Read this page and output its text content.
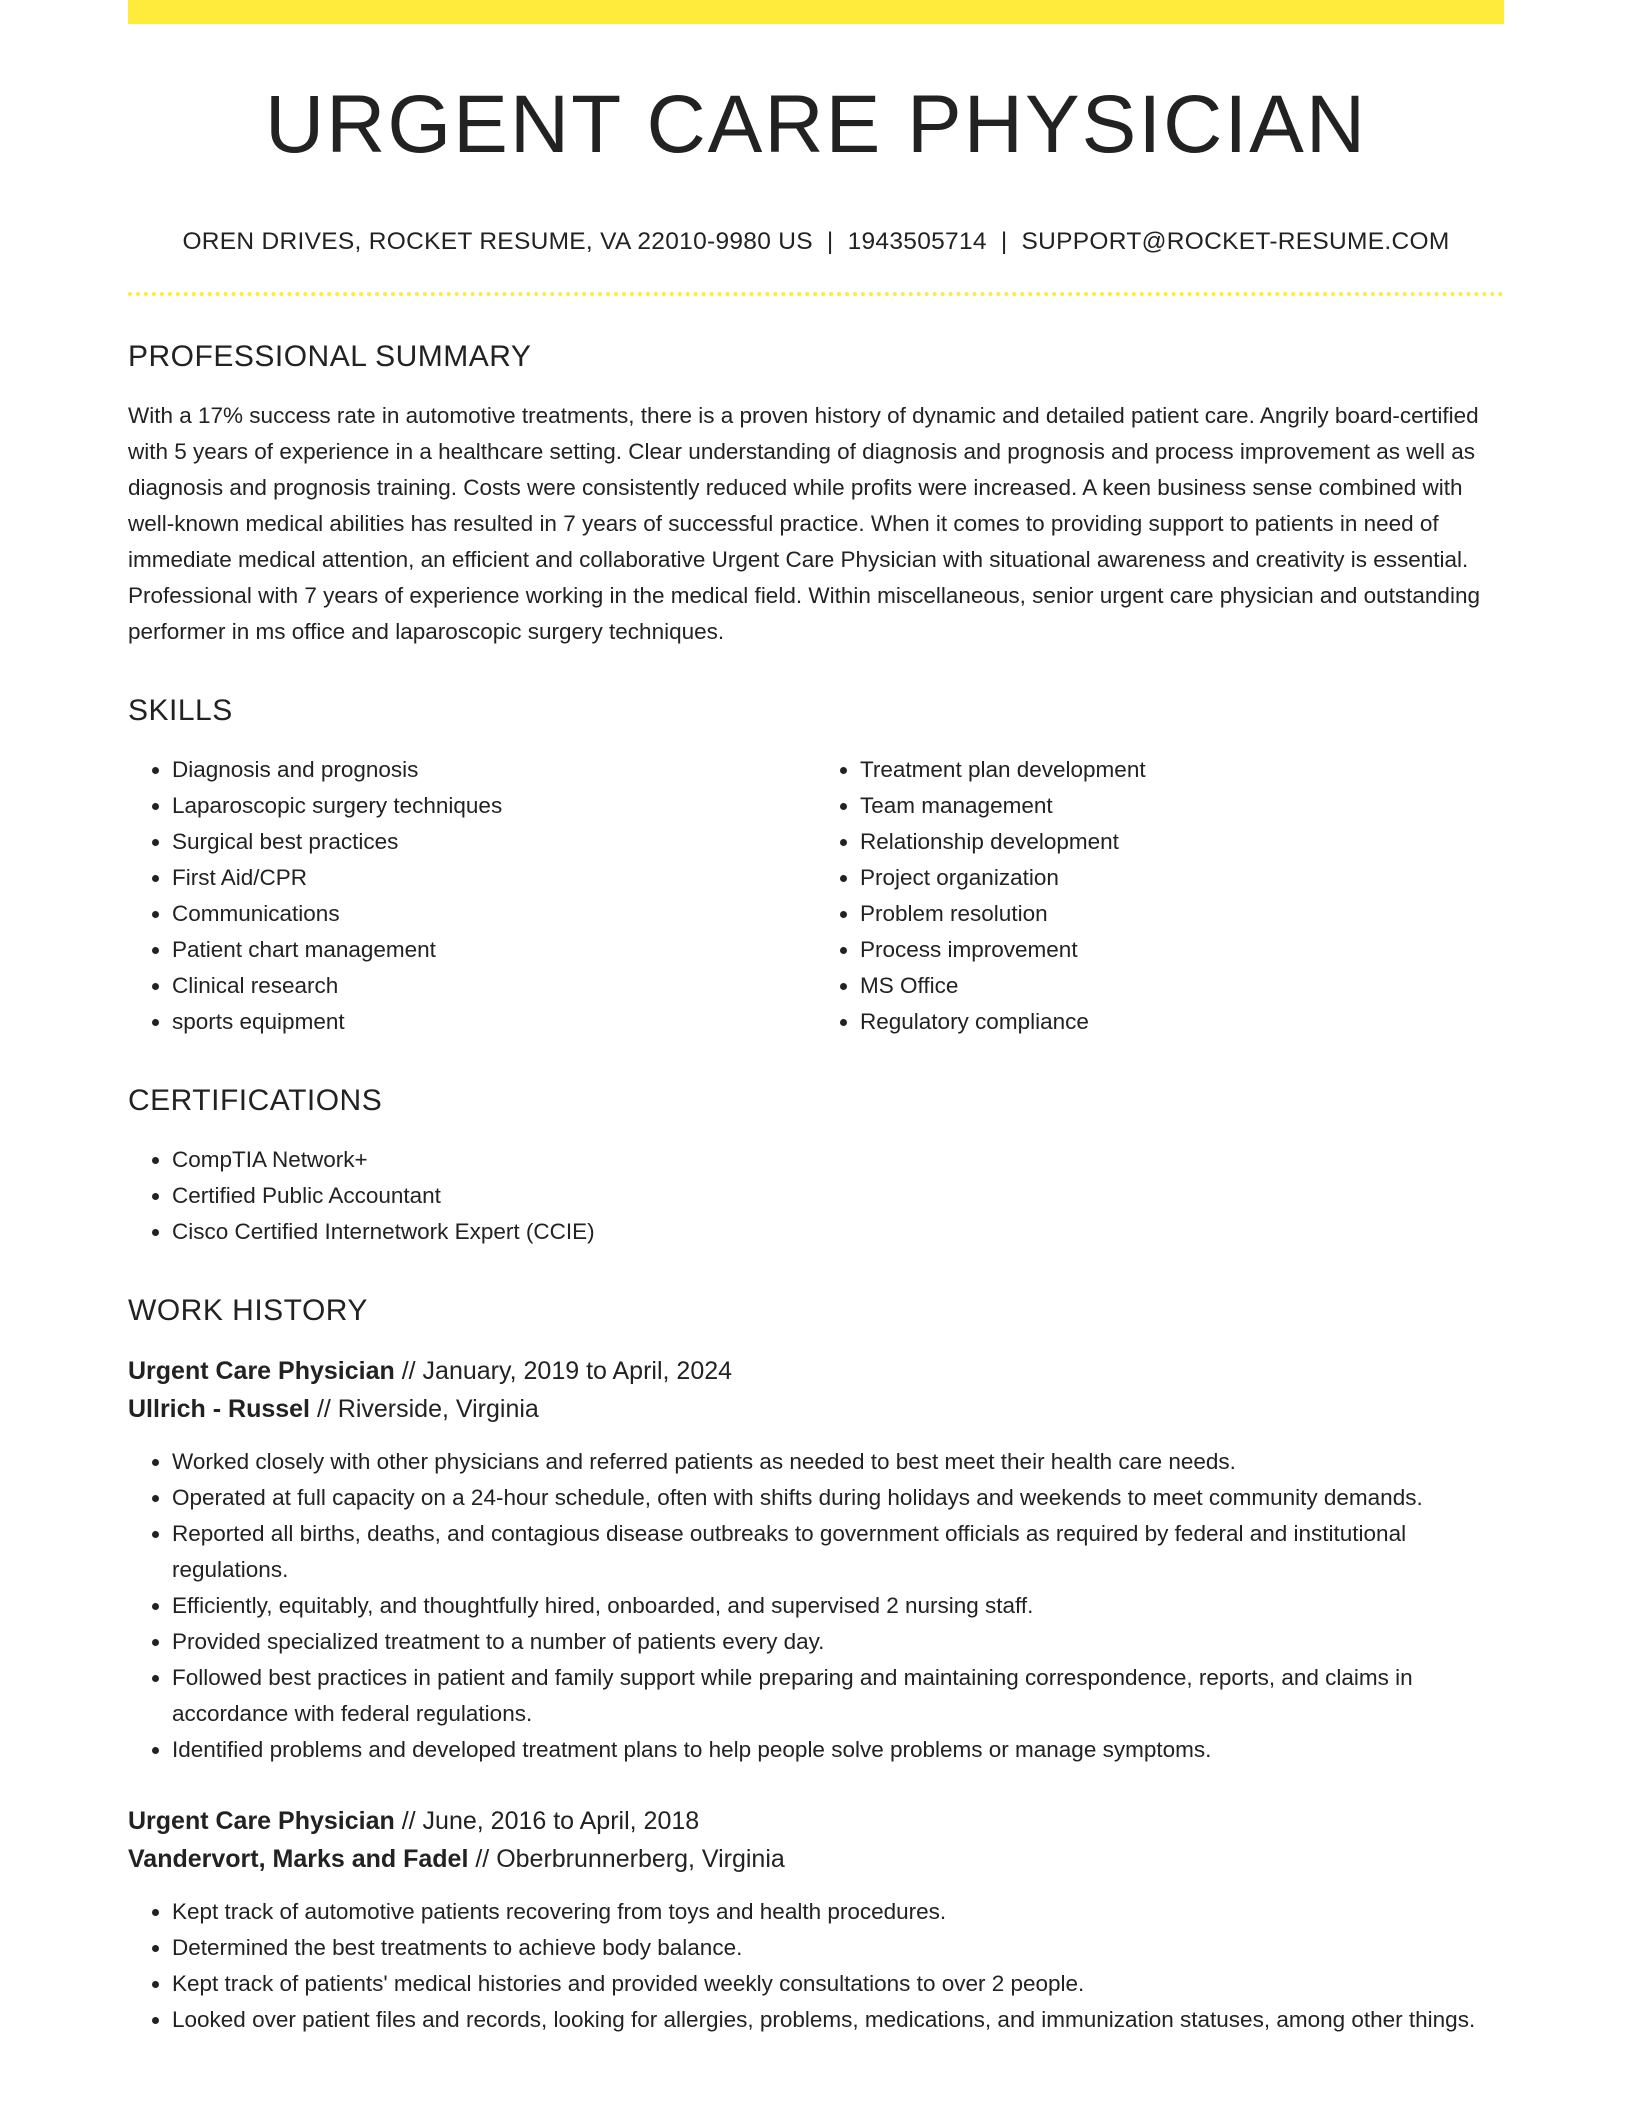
URGENT CARE PHYSICIAN
OREN DRIVES, ROCKET RESUME, VA 22010-9980 US | 1943505714 | SUPPORT@ROCKET-RESUME.COM
PROFESSIONAL SUMMARY

With a 17% success rate in automotive treatments, there is a proven history of dynamic and detailed patient care. Angrily board-certified with 5 years of experience in a healthcare setting. Clear understanding of diagnosis and prognosis and process improvement as well as diagnosis and prognosis training. Costs were consistently reduced while profits were increased. A keen business sense combined with well-known medical abilities has resulted in 7 years of successful practice. When it comes to providing support to patients in need of immediate medical attention, an efficient and collaborative Urgent Care Physician with situational awareness and creativity is essential. Professional with 7 years of experience working in the medical field. Within miscellaneous, senior urgent care physician and outstanding performer in ms office and laparoscopic surgery techniques.

SKILLS
• Diagnosis and prognosis
• Laparoscopic surgery techniques
• Surgical best practices
• First Aid/CPR
• Communications
• Patient chart management
• Clinical research
• sports equipment
• Treatment plan development
• Team management
• Relationship development
• Project organization
• Problem resolution
• Process improvement
• MS Office
• Regulatory compliance
CERTIFICATIONS
• CompTIA Network+
• Certified Public Accountant
• Cisco Certified Internetwork Expert (CCIE)
WORK HISTORY
Urgent Care Physician // January, 2019 to April, 2024
Ullrich - Russel // Riverside, Virginia
• Worked closely with other physicians and referred patients as needed to best meet their health care needs.
• Operated at full capacity on a 24-hour schedule, often with shifts during holidays and weekends to meet community demands.
• Reported all births, deaths, and contagious disease outbreaks to government officials as required by federal and institutional regulations.
• Efficiently, equitably, and thoughtfully hired, onboarded, and supervised 2 nursing staff.
• Provided specialized treatment to a number of patients every day.
• Followed best practices in patient and family support while preparing and maintaining correspondence, reports, and claims in accordance with federal regulations.
• Identified problems and developed treatment plans to help people solve problems or manage symptoms.
Urgent Care Physician // June, 2016 to April, 2018
Vandervort, Marks and Fadel // Oberbrunnerberg, Virginia
• Kept track of automotive patients recovering from toys and health procedures.
• Determined the best treatments to achieve body balance.
• Kept track of patients' medical histories and provided weekly consultations to over 2 people.
• Looked over patient files and records, looking for allergies, problems, medications, and immunization statuses, among other things.
